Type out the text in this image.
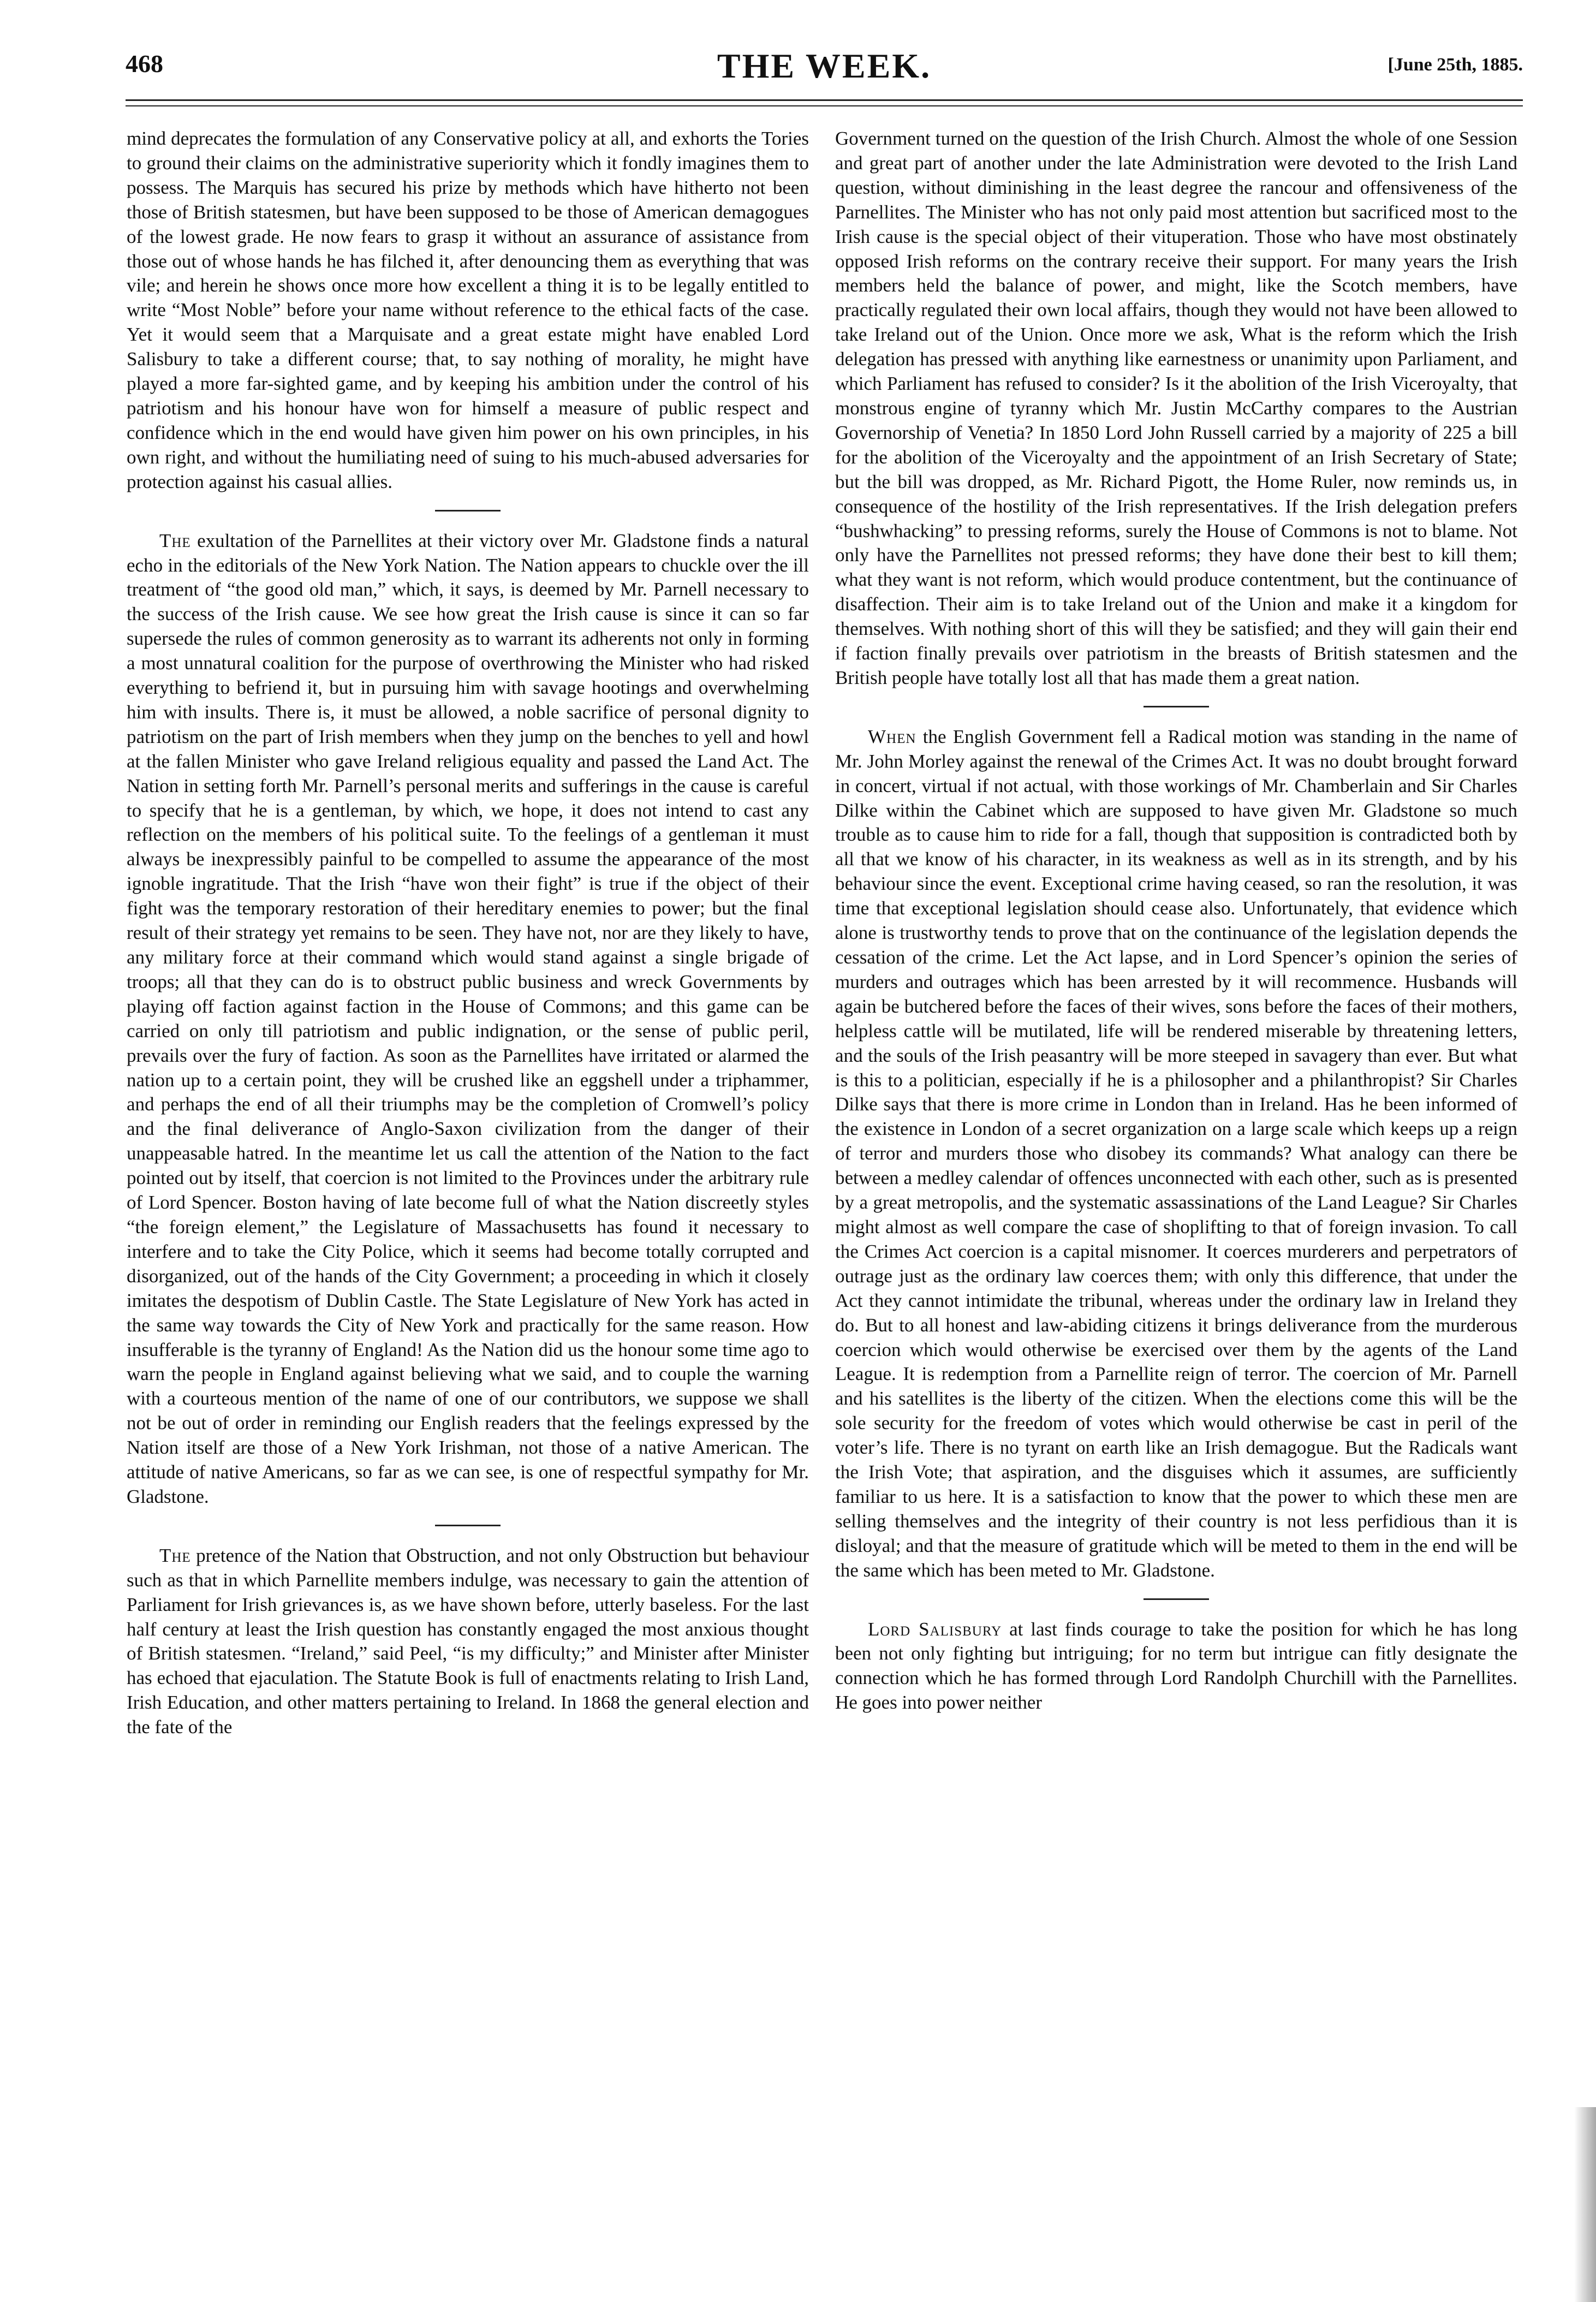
468	THE WEEK.	[June 25th, 1885.

mind deprecates the formulation of any Conservative policy at all, and exhorts the Tories to ground their claims on the administrative superiority which it fondly imagines them to possess. The Marquis has secured his prize by methods which have hitherto not been those of British statesmen, but have been supposed to be those of American demagogues of the lowest grade. He now fears to grasp it without an assurance of assistance from those out of whose hands he has filched it, after denouncing them as everything that was vile; and herein he shows once more how excellent a thing it is to be legally entitled to write “Most Noble” before your name without reference to the ethical facts of the case. Yet it would seem that a Marquisate and a great estate might have enabled Lord Salisbury to take a different course; that, to say nothing of morality, he might have played a more far-sighted game, and by keeping his ambition under the control of his patriotism and his honour have won for himself a measure of public respect and confidence which in the end would have given him power on his own principles, in his own right, and without the humiliating need of suing to his much-abused adversaries for protection against his casual allies.

The exultation of the Parnellites at their victory over Mr. Gladstone finds a natural echo in the editorials of the New York Nation. The Nation appears to chuckle over the ill treatment of “the good old man,” which, it says, is deemed by Mr. Parnell necessary to the success of the Irish cause. We see how great the Irish cause is since it can so far supersede the rules of common generosity as to warrant its adherents not only in forming a most unnatural coalition for the purpose of overthrowing the Minister who had risked everything to befriend it, but in pursuing him with savage hootings and overwhelming him with insults. There is, it must be allowed, a noble sacrifice of personal dignity to patriotism on the part of Irish members when they jump on the benches to yell and howl at the fallen Minister who gave Ireland religious equality and passed the Land Act. The Nation in setting forth Mr. Parnell’s personal merits and sufferings in the cause is careful to specify that he is a gentleman, by which, we hope, it does not intend to cast any reflection on the members of his political suite. To the feelings of a gentleman it must always be inexpressibly painful to be compelled to assume the appearance of the most ignoble ingratitude. That the Irish “have won their fight” is true if the object of their fight was the temporary restoration of their hereditary enemies to power; but the final result of their strategy yet remains to be seen. They have not, nor are they likely to have, any military force at their command which would stand against a single brigade of troops; all that they can do is to obstruct public business and wreck Governments by playing off faction against faction in the House of Commons; and this game can be carried on only till patriotism and public indignation, or the sense of public peril, prevails over the fury of faction. As soon as the Parnellites have irritated or alarmed the nation up to a certain point, they will be crushed like an eggshell under a triphammer, and perhaps the end of all their triumphs may be the completion of Cromwell’s policy and the final deliverance of Anglo-Saxon civilization from the danger of their unappeasable hatred. In the meantime let us call the attention of the Nation to the fact pointed out by itself, that coercion is not limited to the Provinces under the arbitrary rule of Lord Spencer. Boston having of late become full of what the Nation discreetly styles “the foreign element,” the Legislature of Massachusetts has found it necessary to interfere and to take the City Police, which it seems had become totally corrupted and disorganized, out of the hands of the City Government; a proceeding in which it closely imitates the despotism of Dublin Castle. The State Legislature of New York has acted in the same way towards the City of New York and practically for the same reason. How insufferable is the tyranny of England! As the Nation did us the honour some time ago to warn the people in England against believing what we said, and to couple the warning with a courteous mention of the name of one of our contributors, we suppose we shall not be out of order in reminding our English readers that the feelings expressed by the Nation itself are those of a New York Irishman, not those of a native American. The attitude of native Americans, so far as we can see, is one of respectful sympathy for Mr. Gladstone.

The pretence of the Nation that Obstruction, and not only Obstruction but behaviour such as that in which Parnellite members indulge, was necessary to gain the attention of Parliament for Irish grievances is, as we have shown before, utterly baseless. For the last half century at least the Irish question has constantly engaged the most anxious thought of British statesmen. “Ireland,” said Peel, “is my difficulty;” and Minister after Minister has echoed that ejaculation. The Statute Book is full of enactments relating to Irish Land, Irish Education, and other matters pertaining to Ireland. In 1868 the general election and the fate of the

Government turned on the question of the Irish Church. Almost the whole of one Session and great part of another under the late Administration were devoted to the Irish Land question, without diminishing in the least degree the rancour and offensiveness of the Parnellites. The Minister who has not only paid most attention but sacrificed most to the Irish cause is the special object of their vituperation. Those who have most obstinately opposed Irish reforms on the contrary receive their support. For many years the Irish members held the balance of power, and might, like the Scotch members, have practically regulated their own local affairs, though they would not have been allowed to take Ireland out of the Union. Once more we ask, What is the reform which the Irish delegation has pressed with anything like earnestness or unanimity upon Parliament, and which Parliament has refused to consider? Is it the abolition of the Irish Viceroyalty, that monstrous engine of tyranny which Mr. Justin McCarthy compares to the Austrian Governorship of Venetia? In 1850 Lord John Russell carried by a majority of 225 a bill for the abolition of the Viceroyalty and the appointment of an Irish Secretary of State; but the bill was dropped, as Mr. Richard Pigott, the Home Ruler, now reminds us, in consequence of the hostility of the Irish representatives. If the Irish delegation prefers “bushwhacking” to pressing reforms, surely the House of Commons is not to blame. Not only have the Parnellites not pressed reforms; they have done their best to kill them; what they want is not reform, which would produce contentment, but the continuance of disaffection. Their aim is to take Ireland out of the Union and make it a kingdom for themselves. With nothing short of this will they be satisfied; and they will gain their end if faction finally prevails over patriotism in the breasts of British statesmen and the British people have totally lost all that has made them a great nation.

When the English Government fell a Radical motion was standing in the name of Mr. John Morley against the renewal of the Crimes Act. It was no doubt brought forward in concert, virtual if not actual, with those workings of Mr. Chamberlain and Sir Charles Dilke within the Cabinet which are supposed to have given Mr. Gladstone so much trouble as to cause him to ride for a fall, though that supposition is contradicted both by all that we know of his character, in its weakness as well as in its strength, and by his behaviour since the event. Exceptional crime having ceased, so ran the resolution, it was time that exceptional legislation should cease also. Unfortunately, that evidence which alone is trustworthy tends to prove that on the continuance of the legislation depends the cessation of the crime. Let the Act lapse, and in Lord Spencer’s opinion the series of murders and outrages which has been arrested by it will recommence. Husbands will again be butchered before the faces of their wives, sons before the faces of their mothers, helpless cattle will be mutilated, life will be rendered miserable by threatening letters, and the souls of the Irish peasantry will be more steeped in savagery than ever. But what is this to a politician, especially if he is a philosopher and a philanthropist? Sir Charles Dilke says that there is more crime in London than in Ireland. Has he been informed of the existence in London of a secret organization on a large scale which keeps up a reign of terror and murders those who disobey its commands? What analogy can there be between a medley calendar of offences unconnected with each other, such as is presented by a great metropolis, and the systematic assassinations of the Land League? Sir Charles might almost as well compare the case of shoplifting to that of foreign invasion. To call the Crimes Act coercion is a capital misnomer. It coerces murderers and perpetrators of outrage just as the ordinary law coerces them; with only this difference, that under the Act they cannot intimidate the tribunal, whereas under the ordinary law in Ireland they do. But to all honest and law-abiding citizens it brings deliverance from the murderous coercion which would otherwise be exercised over them by the agents of the Land League. It is redemption from a Parnellite reign of terror. The coercion of Mr. Parnell and his satellites is the liberty of the citizen. When the elections come this will be the sole security for the freedom of votes which would otherwise be cast in peril of the voter’s life. There is no tyrant on earth like an Irish demagogue. But the Radicals want the Irish Vote; that aspiration, and the disguises which it assumes, are sufficiently familiar to us here. It is a satisfaction to know that the power to which these men are selling themselves and the integrity of their country is not less perfidious than it is disloyal; and that the measure of gratitude which will be meted to them in the end will be the same which has been meted to Mr. Gladstone.

Lord Salisbury at last finds courage to take the position for which he has long been not only fighting but intriguing; for no term but intrigue can fitly designate the connection which he has formed through Lord Randolph Churchill with the Parnellites. He goes into power neither
